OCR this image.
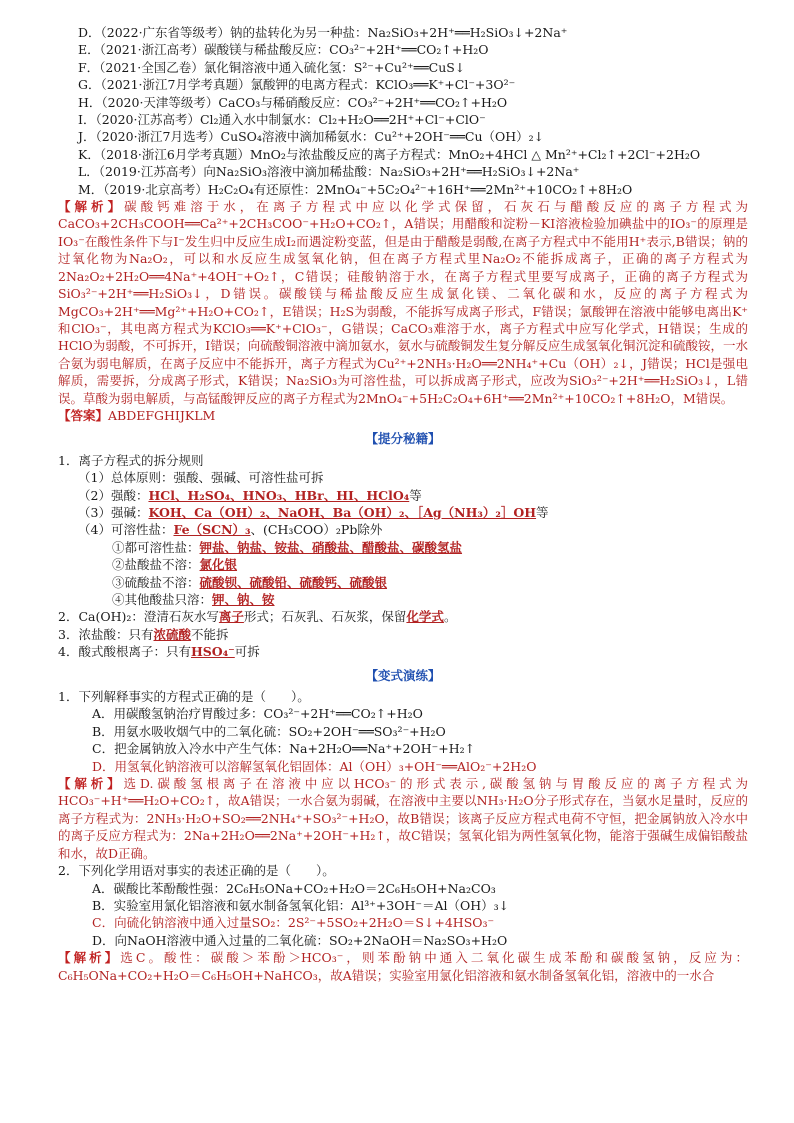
D．（2022·广东省等级考）钠的盐转化为另一种盐：Na₂SiO₃+2H⁺══H₂SiO₃↓+2Na⁺
E．（2021·浙江高考）碳酸镁与稀盐酸反应：CO₃²⁻+2H⁺══CO₂↑+H₂O
F．（2021·全国乙卷）氯化铜溶液中通入硫化氢：S²⁻+Cu²⁺══CuS↓
G．（2021·浙江7月学考真题）氯酸钾的电离方程式：KClO₃══K⁺+Cl⁻+3O²⁻
H．（2020·天津等级考）CaCO₃与稀硝酸反应：CO₃²⁻+2H⁺══CO₂↑+H₂O
I．（2020·江苏高考）Cl₂通入水中制氯水：Cl₂+H₂O══2H⁺+Cl⁻+ClO⁻
J．（2020·浙江7月选考）CuSO₄溶液中滴加稀氨水：Cu²⁺+2OH⁻══Cu（OH）₂↓
K．（2018·浙江6月学考真题）MnO₂与浓盐酸反应的离子方程式：MnO₂+4HCl △ Mn²⁺+Cl₂↑+2Cl⁻+2H₂O
L．（2019·江苏高考）向Na₂SiO₃溶液中滴加稀盐酸：Na₂SiO₃+2H⁺══H₂SiO₃↓+2Na⁺
M．（2019·北京高考）H₂C₂O₄有还原性：2MnO₄⁻+5C₂O₄²⁻+16H⁺══2Mn²⁺+10CO₂↑+8H₂O
【解析】碳酸钙难溶于水，在离子方程式中应以化学式保留，石灰石与醋酸反应的离子方程式为CaCO₃+2CH₃COOH══Ca²⁺+2CH₃COO⁻+H₂O+CO₂↑，A错误；用醋酸和淀粉－KI溶液检验加碘盐中的IO₃⁻的原理是IO₃⁻在酸性条件下与I⁻发生归中反应生成I₂而遇淀粉变蓝，但是由于醋酸是弱酸,在离子方程式中不能用H⁺表示,B错误；钠的过氧化物为Na₂O₂，可以和水反应生成氢氧化钠，但在离子方程式里Na₂O₂不能拆成离子，正确的离子方程式为2Na₂O₂+2H₂O══4Na⁺+4OH⁻+O₂↑，C错误；硅酸钠溶于水，在离子方程式里要写成离子，正确的离子方程式为SiO₃²⁻+2H⁺══H₂SiO₃↓，D错误。碳酸镁与稀盐酸反应生成氯化镁、二氧化碳和水，反应的离子方程式为MgCO₃+2H⁺══Mg²⁺+H₂O+CO₂↑，E错误；H₂S为弱酸，不能拆写成离子形式，F错误；氯酸钾在溶液中能够电离出K⁺和ClO₃⁻，其电离方程式为KClO₃══K⁺+ClO₃⁻，G错误；CaCO₃难溶于水，离子方程式中应写化学式，H错误；生成的HClO为弱酸，不可拆开，I错误；向硫酸铜溶液中滴加氨水，氨水与硫酸铜发生复分解反应生成氢氧化铜沉淀和硫酸铵，一水合氨为弱电解质，在离子反应中不能拆开，离子方程式为Cu²⁺+2NH₃·H₂O══2NH₄⁺+Cu（OH）₂↓，J错误；HCl是强电解质，需要拆，分成离子形式，K错误；Na₂SiO₃为可溶性盐，可以拆成离子形式，应改为SiO₃²⁻+2H⁺══H₂SiO₃↓，L错误。草酸为弱电解质，与高锰酸钾反应的离子方程式为2MnO₄⁻+5H₂C₂O₄+6H⁺══2Mn²⁺+10CO₂↑+8H₂O，M错误。
【答案】ABDEFGHIJKLM
【提分秘籍】
1．离子方程式的拆分规则
（1）总体原则：强酸、强碱、可溶性盐可拆
（2）强酸：HCl、H₂SO₄、HNO₃、HBr、HI、HClO₄等
（3）强碱：KOH、Ca（OH）₂、NaOH、Ba（OH）₂、［Ag（NH₃）₂］OH等
（4）可溶性盐：Fe（SCN）₃、(CH₃COO）₂Pb除外
①都可溶性盐：钾盐、钠盐、铵盐、硝酸盐、醋酸盐、碳酸氢盐
②盐酸盐不溶：氯化银
③硫酸盐不溶：硫酸钡、硫酸铅、硫酸钙、硫酸银
④其他酸盐只溶：钾、钠、铵
2．Ca(OH)₂：澄清石灰水写离子形式；石灰乳、石灰浆，保留化学式。
3．浓盐酸：只有浓硫酸不能拆
4．酸式酸根离子：只有HSO₄⁻可拆
【变式演练】
1．下列解释事实的方程式正确的是（　　）。
A．用碳酸氢钠治疗胃酸过多：CO₃²⁻+2H⁺══CO₂↑+H₂O
B．用氨水吸收烟气中的二氧化硫：SO₂+2OH⁻══SO₃²⁻+H₂O
C．把金属钠放入冷水中产生气体：Na+2H₂O══Na⁺+2OH⁻+H₂↑
D．用氢氧化钠溶液可以溶解氢氧化铝固体：Al（OH）₃+OH⁻══AlO₂⁻+2H₂O
【解析】选D.碳酸氢根离子在溶液中应以HCO₃⁻的形式表示,碳酸氢钠与胃酸反应的离子方程式为HCO₃⁻+H⁺══H₂O+CO₂↑，故A错误；一水合氨为弱碱，在溶液中主要以NH₃·H₂O分子形式存在，当氨水足量时，反应的离子方程式为：2NH₃·H₂O+SO₂══2NH₄⁺+SO₃²⁻+H₂O，故B错误；该离子反应方程式电荷不守恒，把金属钠放入冷水中的离子反应方程式为：2Na+2H₂O══2Na⁺+2OH⁻+H₂↑，故C错误；氢氧化铝为两性氢氧化物，能溶于强碱生成偏铝酸盐和水，故D正确。
2．下列化学用语对事实的表述正确的是（　　）。
A．碳酸比苯酚酸性强：2C₆H₅ONa+CO₂+H₂O＝2C₆H₅OH+Na₂CO₃
B．实验室用氯化铝溶液和氨水制备氢氧化铝：Al³⁺+3OH⁻＝Al（OH）₃↓
C．向硫化钠溶液中通入过量SO₂：2S²⁻+5SO₂+2H₂O＝S↓+4HSO₃⁻
D．向NaOH溶液中通入过量的二氧化硫：SO₂+2NaOH＝Na₂SO₃+H₂O
【解析】选C。酸性：碳酸＞苯酚＞HCO₃⁻，则苯酚钠中通入二氧化碳生成苯酚和碳酸氢钠，反应为：C₆H₅ONa+CO₂+H₂O＝C₆H₅OH+NaHCO₃，故A错误；实验室用氯化铝溶液和氨水制备氢氧化铝，溶液中的一水合
